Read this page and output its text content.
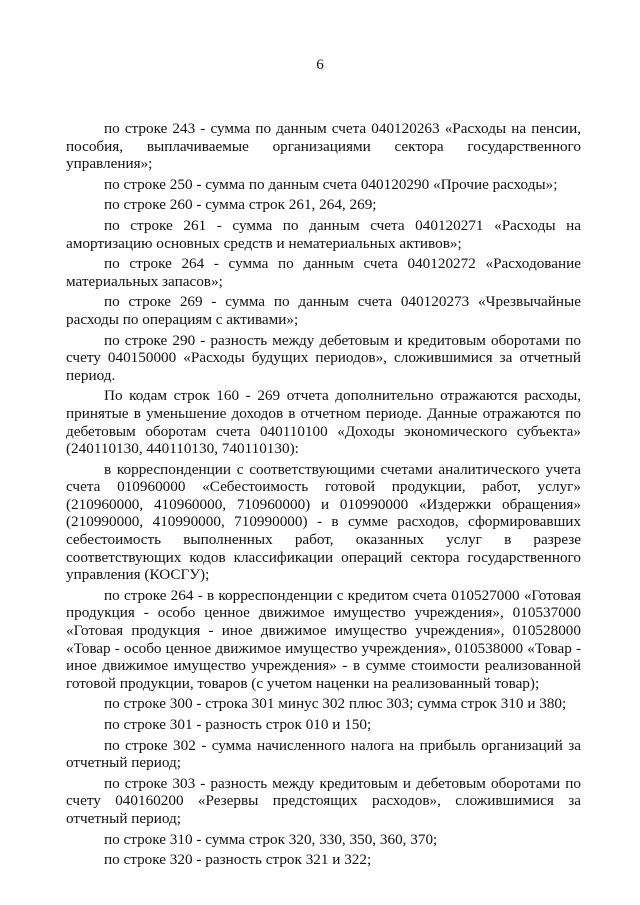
6

по строке 243 - сумма по данным счета 040120263 «Расходы на пенсии, пособия, выплачиваемые организациями сектора государственного управления»;

по строке 250 - сумма по данным счета 040120290 «Прочие расходы»;

по строке 260 - сумма строк 261, 264, 269;

по строке 261 - сумма по данным счета 040120271 «Расходы на амортизацию основных средств и нематериальных активов»;

по строке 264 - сумма по данным счета 040120272 «Расходование материальных запасов»;

по строке 269 - сумма по данным счета 040120273 «Чрезвычайные расходы по операциям с активами»;

по строке 290 - разность между дебетовым и кредитовым оборотами по счету 040150000 «Расходы будущих периодов», сложившимися за отчетный период.

По кодам строк 160 - 269 отчета дополнительно отражаются расходы, принятые в уменьшение доходов в отчетном периоде. Данные отражаются по дебетовым оборотам счета 040110100 «Доходы экономического субъекта» (240110130, 440110130, 740110130):

в корреспонденции с соответствующими счетами аналитического учета счета 010960000 «Себестоимость готовой продукции, работ, услуг» (210960000, 410960000, 710960000) и 010990000 «Издержки обращения» (210990000, 410990000, 710990000) - в сумме расходов, сформировавших себестоимость выполненных работ, оказанных услуг в разрезе соответствующих кодов классификации операций сектора государственного управления (КОСГУ);

по строке 264 - в корреспонденции с кредитом счета 010527000 «Готовая продукция - особо ценное движимое имущество учреждения», 010537000 «Готовая продукция - иное движимое имущество учреждения», 010528000 «Товар - особо ценное движимое имущество учреждения», 010538000 «Товар - иное движимое имущество учреждения» - в сумме стоимости реализованной готовой продукции, товаров (с учетом наценки на реализованный товар);

по строке 300 - строка 301 минус 302 плюс 303; сумма строк 310 и 380;

по строке 301 - разность строк 010 и 150;

по строке 302 - сумма начисленного налога на прибыль организаций за отчетный период;

по строке 303 - разность между кредитовым и дебетовым оборотами по счету 040160200 «Резервы предстоящих расходов», сложившимися за отчетный период;

по строке 310 - сумма строк 320, 330, 350, 360, 370;

по строке 320 - разность строк 321 и 322;
